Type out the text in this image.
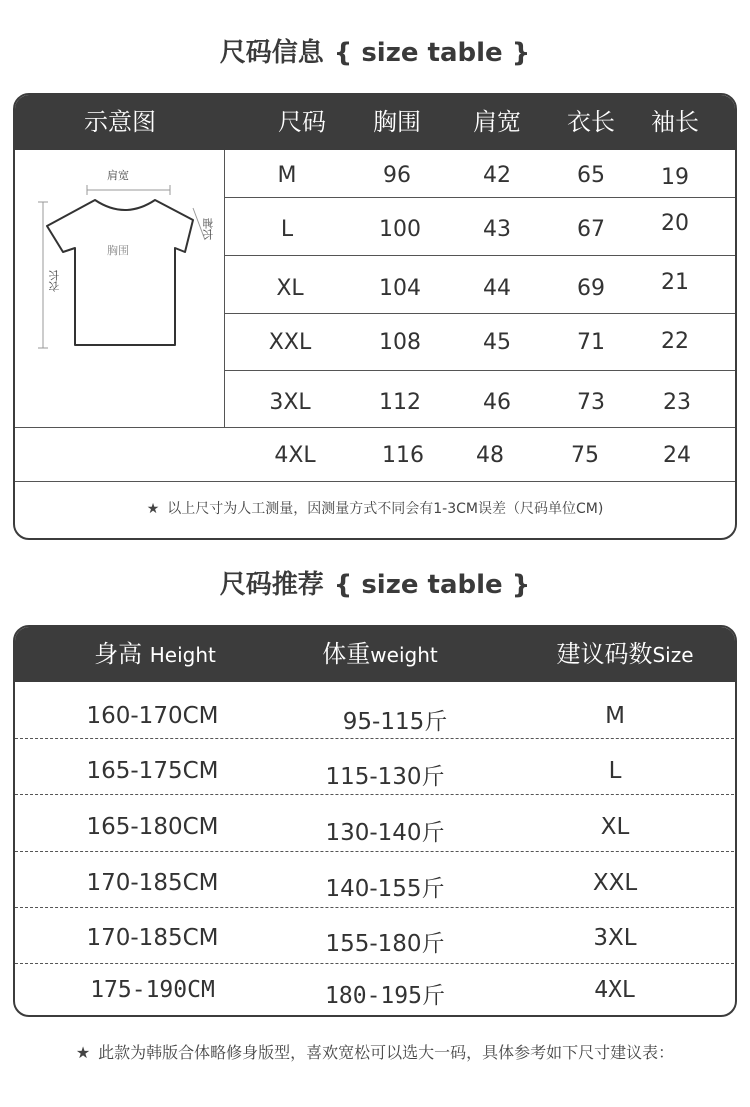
尺码信息 { size table }
示意图	尺码	胸围	肩宽	衣长	袖长
肩宽
胸围
衣长
长袖
M	96	42	65	19
L	100	43	67	20
XL	104	44	69	21
XXL	108	45	71	22
3XL	112	46	73	23
4XL	116	48	75	24
★ 以上尺寸为人工测量，因测量方式不同会有1-3CM误差（尺码单位CM)
尺码推荐 { size table }
身高 Height	体重weight	建议码数Size
160-170CM	95-115斤	M
165-175CM	115-130斤	L
165-180CM	130-140斤	XL
170-185CM	140-155斤	XXL
170-185CM	155-180斤	3XL
175-190CM	180-195斤	4XL
★ 此款为韩版合体略修身版型，喜欢宽松可以选大一码，具体参考如下尺寸建议表：
